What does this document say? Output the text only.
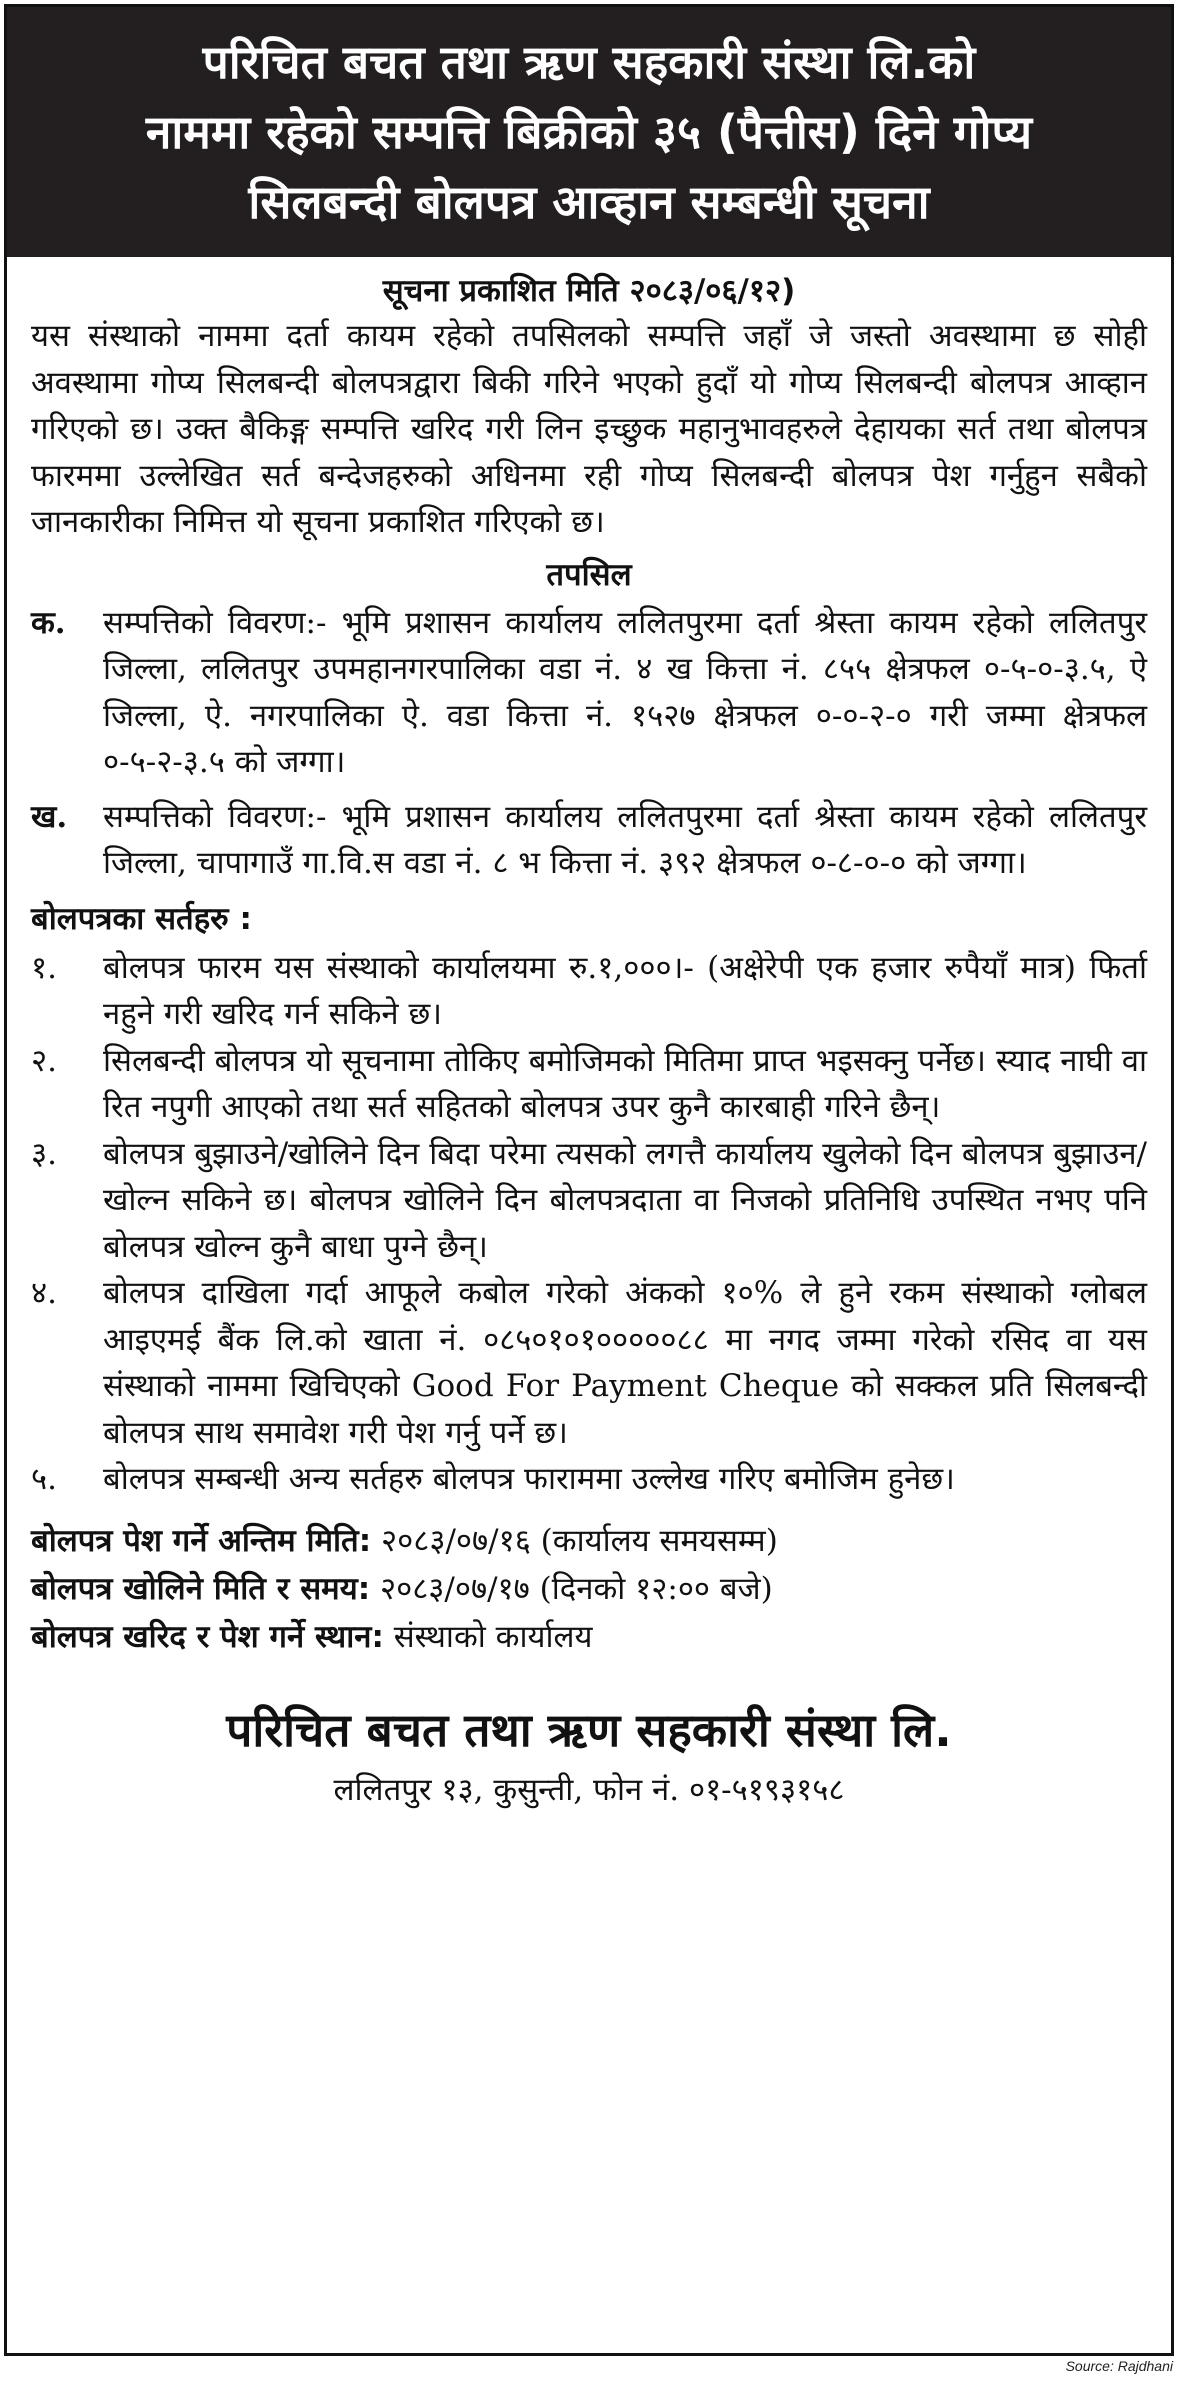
परिचित बचत तथा ऋण सहकारी संस्था लि.को
नाममा रहेको सम्पत्ति बिक्रीको ३५ (पैत्तीस) दिने गोप्य
सिलबन्दी बोलपत्र आव्हान सम्बन्धी सूचना
सूचना प्रकाशित मिति २०८३/०६/१२)

यस संस्थाको नाममा दर्ता कायम रहेको तपसिलको सम्पत्ति जहाँ जे जस्तो अवस्थामा छ सोही अवस्थामा गोप्य सिलबन्दी बोलपत्रद्वारा बिकी गरिने भएको हुदाँ यो गोप्य सिलबन्दी बोलपत्र आव्हान गरिएको छ। उक्त बैकिङ्ग सम्पत्ति खरिद गरी लिन इच्छुक महानुभावहरुले देहायका सर्त तथा बोलपत्र फारममा उल्लेखित सर्त बन्देजहरुको अधिनमा रही गोप्य सिलबन्दी बोलपत्र पेश गर्नुहुन सबैको जानकारीका निमित्त यो सूचना प्रकाशित गरिएको छ।

तपसिल
क.	सम्पत्तिको विवरण:- भूमि प्रशासन कार्यालय ललितपुरमा दर्ता श्रेस्ता कायम रहेको ललितपुर जिल्ला, ललितपुर उपमहानगरपालिका वडा नं. ४ ख कित्ता नं. ८५५ क्षेत्रफल ०-५-०-३.५, ऐ जिल्ला, ऐ. नगरपालिका ऐ. वडा कित्ता नं. १५२७ क्षेत्रफल ०-०-२-० गरी जम्मा क्षेत्रफल ०-५-२-३.५ को जग्गा।
ख.	सम्पत्तिको विवरण:- भूमि प्रशासन कार्यालय ललितपुरमा दर्ता श्रेस्ता कायम रहेको ललितपुर जिल्ला, चापागाउँ गा.वि.स वडा नं. ८ भ कित्ता नं. ३९२ क्षेत्रफल ०-८-०-० को जग्गा।
बोलपत्रका सर्तहरु :
१.	बोलपत्र फारम यस संस्थाको कार्यालयमा रु.१,०००।- (अक्षेरेपी एक हजार रुपैयाँ मात्र) फिर्ता नहुने गरी खरिद गर्न सकिने छ।
२.	सिलबन्दी बोलपत्र यो सूचनामा तोकिए बमोजिमको मितिमा प्राप्त भइसक्नु पर्नेछ। स्याद नाघी वा रित नपुगी आएको तथा सर्त सहितको बोलपत्र उपर कुनै कारबाही गरिने छैन्।
३.	बोलपत्र बुझाउने/खोलिने दिन बिदा परेमा त्यसको लगत्तै कार्यालय खुलेको दिन बोलपत्र बुझाउन/खोल्न सकिने छ। बोलपत्र खोलिने दिन बोलपत्रदाता वा निजको प्रतिनिधि उपस्थित नभए पनि बोलपत्र खोल्न कुनै बाधा पुग्ने छैन्।
४.	बोलपत्र दाखिला गर्दा आफूले कबोल गरेको अंकको १०% ले हुने रकम संस्थाको ग्लोबल आइएमई बैंक लि.को खाता नं. ०८५०१०१०००००८८ मा नगद जम्मा गरेको रसिद वा यस संस्थाको नाममा खिचिएको Good For Payment Cheque को सक्कल प्रति सिलबन्दी बोलपत्र साथ समावेश गरी पेश गर्नु पर्ने छ।
५.	बोलपत्र सम्बन्धी अन्य सर्तहरु बोलपत्र फाराममा उल्लेख गरिए बमोजिम हुनेछ।
बोलपत्र पेश गर्ने अन्तिम मिति: २०८३/०७/१६ (कार्यालय समयसम्म)
बोलपत्र खोलिने मिति र समय: २०८३/०७/१७ (दिनको १२:०० बजे)
बोलपत्र खरिद र पेश गर्ने स्थान: संस्थाको कार्यालय
परिचित बचत तथा ऋण सहकारी संस्था लि.
ललितपुर १३, कुसुन्ती, फोन नं. ०१-५१९३१५८
Source: Rajdhani
